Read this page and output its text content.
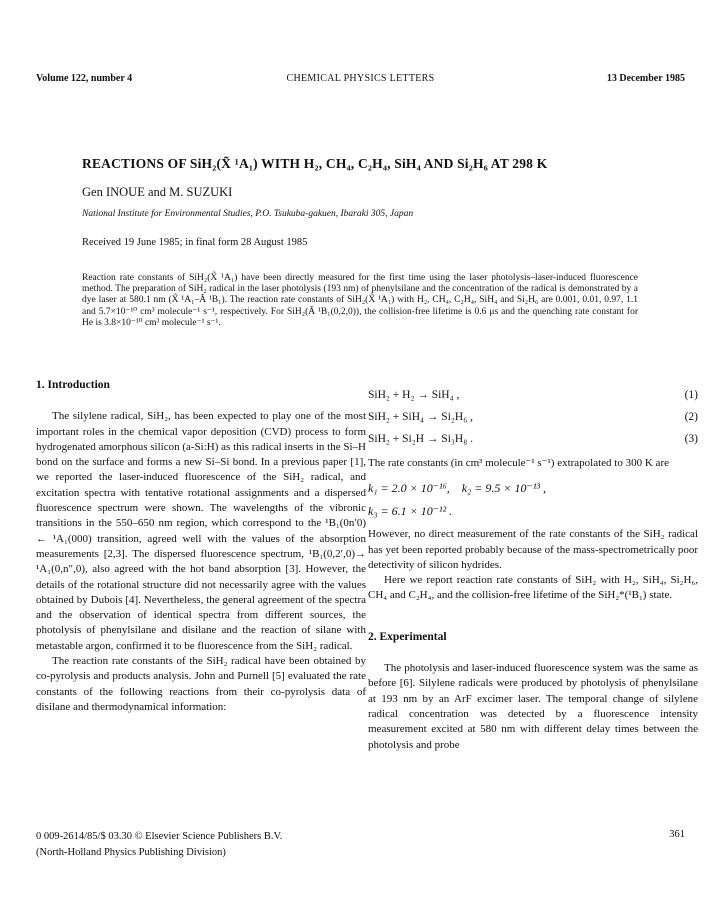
Volume 122, number 4	CHEMICAL PHYSICS LETTERS	13 December 1985
REACTIONS OF SiH₂(X̃ ¹A₁) WITH H₂, CH₄, C₂H₄, SiH₄ AND Si₂H₆ AT 298 K
Gen INOUE and M. SUZUKI
National Institute for Environmental Studies, P.O. Tsukuba-gakuen, Ibaraki 305, Japan
Received 19 June 1985; in final form 28 August 1985

Reaction rate constants of SiH₂(X̃ ¹A₁) have been directly measured for the first time using the laser photolysis–laser-induced fluorescence method. The preparation of SiH₂ radical in the laser photolysis (193 nm) of phenylsilane and the concentration of the radical is demonstrated by a dye laser at 580.1 nm (X̃ ¹A₁–Ã ¹B₁). The reaction rate constants of SiH₂(X̃ ¹A₁) with H₂, CH₄, C₂H₄, SiH₄ and Si₂H₆ are 0.001, 0.01, 0.97, 1.1 and 5.7×10⁻¹⁰ cm³ molecule⁻¹ s⁻¹, respectively. For SiH₂(Ã ¹B₁(0,2,0)), the collision-free lifetime is 0.6 μs and the quenching rate constant for He is 3.8×10⁻¹⁰ cm³ molecule⁻¹ s⁻¹.

1. Introduction

The silylene radical, SiH₂, has been expected to play one of the most important roles in the chemical vapor deposition (CVD) process to form hydrogenated amorphous silicon (a-Si:H) as this radical inserts in the Si–H bond on the surface and forms a new Si–Si bond. In a previous paper [1], we reported the laser-induced fluorescence of the SiH₂ radical, and excitation spectra with tentative rotational assignments and a dispersed fluorescence spectrum were shown. The wavelengths of the vibronic transitions in the 550–650 nm region, which correspond to the ¹B₁(0n′0) ← ¹A₁(000) transition, agreed well with the values of the absorption measurements [2,3]. The dispersed fluorescence spectrum, ¹B₁(0,2′,0)→ ¹A₁(0,n″,0), also agreed with the hot band absorption [3]. However, the details of the rotational structure did not necessarily agree with the values obtained by Dubois [4]. Nevertheless, the general agreement of the spectra and the observation of identical spectra from different sources, the photolysis of phenylsilane and disilane and the reaction of silane with metastable argon, confirmed it to be fluorescence from the SiH₂ radical.

The reaction rate constants of the SiH₂ radical have been obtained by co-pyrolysis and products analysis. John and Purnell [5] evaluated the rate constants of the following reactions from their co-pyrolysis data of disilane and thermodynamical information:

SiH₂ + H₂ → SiH₄ ,	(1)
SiH₂ + SiH₄ → Si₂H₆ ,	(2)
SiH₂ + Si₂H → Si₃H₈ .	(3)

The rate constants (in cm³ molecule⁻¹ s⁻¹) extrapolated to 300 K are

k₁ = 2.0 × 10⁻¹⁶, k₂ = 9.5 × 10⁻¹³ ,
k₃ = 6.1 × 10⁻¹² .

However, no direct measurement of the rate constants of the SiH₂ radical has yet been reported probably because of the mass-spectrometrically poor detectivity of silicon hydrides.

Here we report reaction rate constants of SiH₂ with H₂, SiH₄, Si₂H₆, CH₄ and C₂H₄, and the collision-free lifetime of the SiH₂*(¹B₁) state.

2. Experimental

The photolysis and laser-induced fluorescence system was the same as before [6]. Silylene radicals were produced by photolysis of phenylsilane at 193 nm by an ArF excimer laser. The temporal change of silylene radical concentration was detected by a fluorescence intensity measurement excited at 580 nm with different delay times between the photolysis and probe

0 009-2614/85/$ 03.30 © Elsevier Science Publishers B.V.
(North-Holland Physics Publishing Division)
361
